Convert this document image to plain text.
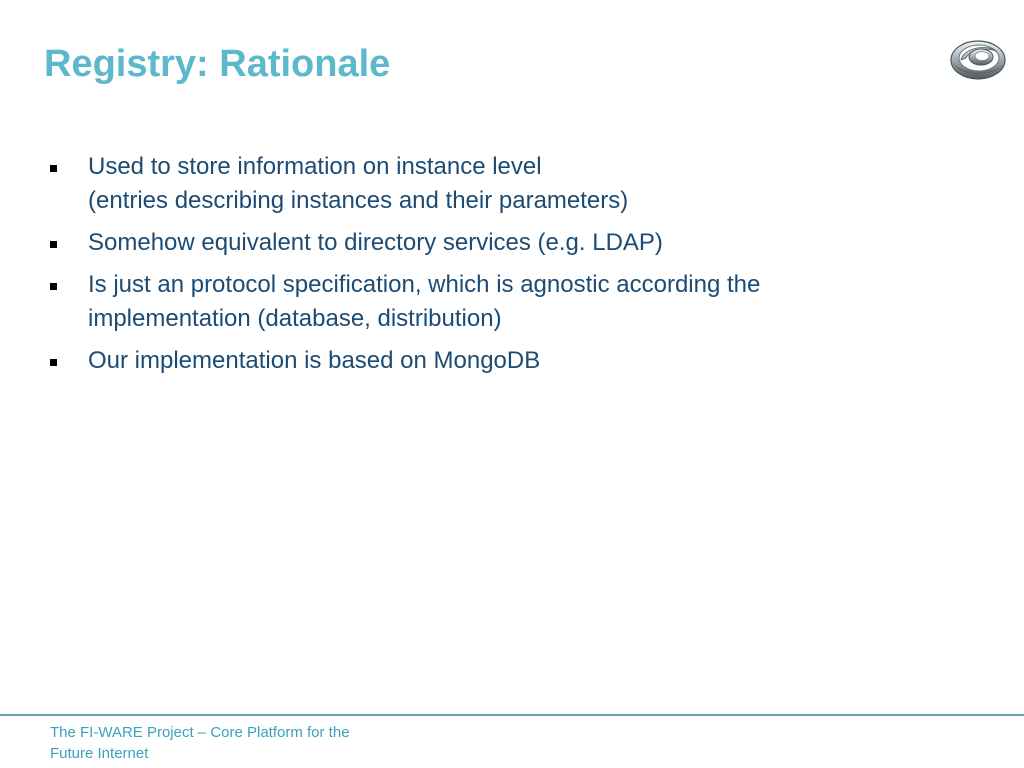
Registry: Rationale
Used to store information on instance level
(entries describing instances and their parameters)
Somehow equivalent to directory services (e.g. LDAP)
Is just an protocol specification, which is agnostic according the
implementation (database, distribution)
Our implementation is based on MongoDB
The FI-WARE Project – Core Platform for the
Future Internet
